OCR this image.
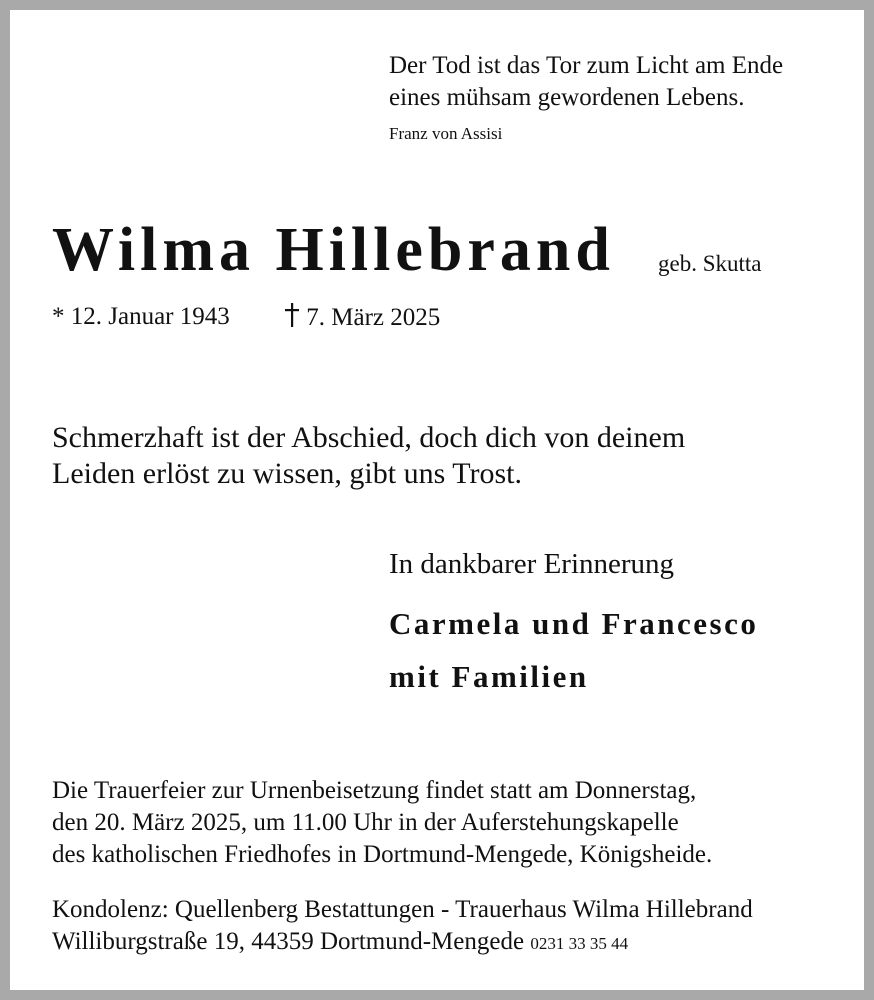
Der Tod ist das Tor zum Licht am Ende
eines mühsam gewordenen Lebens.
Franz von Assisi
Wilma Hillebrand geb. Skutta
* 12. Januar 1943	7. März 2025
Schmerzhaft ist der Abschied, doch dich von deinem
Leiden erlöst zu wissen, gibt uns Trost.
In dankbarer Erinnerung
Carmela und Francesco
mit Familien
Die Trauerfeier zur Urnenbeisetzung findet statt am Donnerstag,
den 20. März 2025, um 11.00 Uhr in der Auferstehungskapelle
des katholischen Friedhofes in Dortmund-Mengede, Königsheide.
Kondolenz: Quellenberg Bestattungen - Trauerhaus Wilma Hillebrand
Williburgstraße 19, 44359 Dortmund-Mengede 0231 33 35 44
